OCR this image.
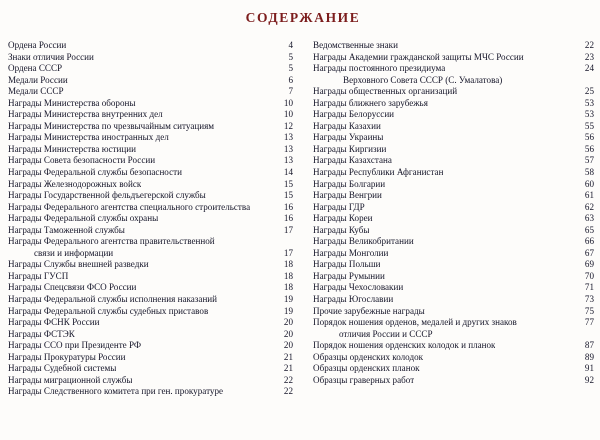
СОДЕРЖАНИЕ
Ордена России	4
Знаки отличия России	5
Ордена СССР	5
Медали России	6
Медали СССР	7
Награды Министерства обороны	10
Награды Министерства внутренних дел	10
Награды Министерства по чрезвычайным ситуациям	12
Награды Министерства иностранных дел	13
Награды Министерства юстиции	13
Награды Совета безопасности России	13
Награды Федеральной службы безопасности	14
Награды Железнодорожных войск	15
Награды Государственной фельдъегерской службы	15
Награды Федерального агентства специального строительства	16
Награды Федеральной службы охраны	16
Награды Таможенной службы	17
Награды Федерального агентства правительственной
связи и информации	17
Награды Службы внешней разведки	18
Награды ГУСП	18
Награды Спецсвязи ФСО России	18
Награды Федеральной службы исполнения наказаний	19
Награды Федеральной службы судебных приставов	19
Награды ФСНК России	20
Награды ФСТЭК	20
Награды ССО при Президенте РФ	20
Награды Прокуратуры России	21
Награды Судебной системы	21
Награды миграционной службы	22
Награды Следственного комитета при ген. прокуратуре	22
Ведомственные знаки	22
Награды Академии гражданской защиты МЧС России	23
Награды постоянного президиума	24
Верховного Совета СССР (С. Умалатова)
Награды общественных организаций	25
Награды ближнего зарубежья	53
Награды Белоруссии	53
Награды Казахии	55
Награды Украины	56
Награды Киргизии	56
Награды Казахстана	57
Награды Республики Афганистан	58
Награды Болгарии	60
Награды Венгрии	61
Награды ГДР	62
Награды Кореи	63
Награды Кубы	65
Награды Великобритании	66
Награды Монголии	67
Награды Польши	69
Награды Румынии	70
Награды Чехословакии	71
Награды Югославии	73
Прочие зарубежные награды	75
Порядок ношения орденов, медалей и других знаков	77
отличия России и СССР
Порядок ношения орденских колодок и планок	87
Образцы орденских колодок	89
Образцы орденских планок	91
Образцы граверных работ	92
